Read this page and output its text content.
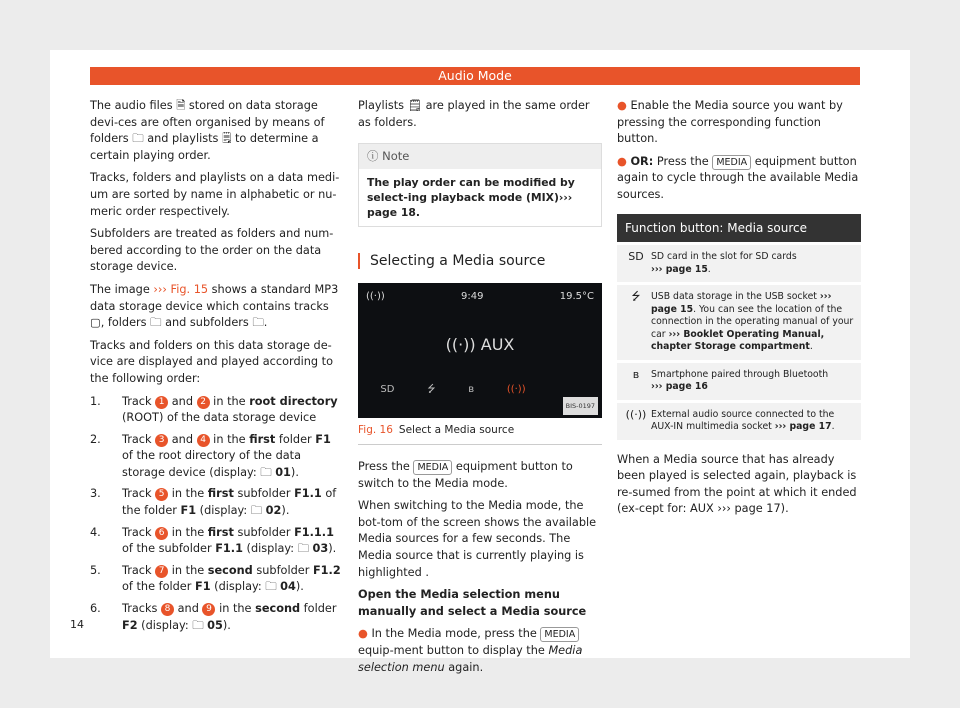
Audio Mode

The audio files 🗎 stored on data storage devi-ces are often organised by means of folders 🗀 and playlists 🗒 to determine a certain playing order.

Tracks, folders and playlists on a data medi-um are sorted by name in alphabetic or nu-meric order respectively.

Subfolders are treated as folders and num-bered according to the order on the data storage device.

The image ››› Fig. 15 shows a standard MP3 data storage device which contains tracks ▢, folders 🗀 and subfolders 🗀.

Tracks and folders on this data storage de-vice are displayed and played according to the following order:

1. Track 1 and 2 in the root directory (ROOT) of the data storage device
2. Track 3 and 4 in the first folder F1 of the root directory of the data storage device (display: 🗀 01).
3. Track 5 in the first subfolder F1.1 of the folder F1 (display: 🗀 02).
4. Track 6 in the first subfolder F1.1.1 of the subfolder F1.1 (display: 🗀 03).
5. Track 7 in the second subfolder F1.2 of the folder F1 (display: 🗀 04).
6. Tracks 8 and 9 in the second folder F2 (display: 🗀 05).

Playlists 🗒 are played in the same order as folders.

ⓘ Note
The play order can be modified by select-ing playback mode (MIX)››› page 18.
Selecting a Media source
((·))	9:49	19.5°C
((·)) AUX
SD	⭍	ʙ	((·))
BIS-0197
Fig. 16 Select a Media source

Press the MEDIA equipment button to switch to the Media mode.

When switching to the Media mode, the bot-tom of the screen shows the available Media sources for a few seconds. The Media source that is currently playing is highlighted .

Open the Media selection menu manually and select a Media source

● In the Media mode, press the MEDIA equip-ment button to display the Media selection menu again.

● Enable the Media source you want by pressing the corresponding function button.

● OR: Press the MEDIA equipment button again to cycle through the available Media sources.

Function button: Media source
SD SD card in the slot for SD cards
››› page 15.
⭍	USB data storage in the USB socket ››› page 15. You can see the location of the connection in the operating manual of your car ››› Booklet Operating Manual, chapter Storage compartment.
ʙ	Smartphone paired through Bluetooth
››› page 16
((·)) External audio source connected to the AUX-IN multimedia socket ››› page 17.

When a Media source that has already been played is selected again, playback is re-sumed from the point at which it ended (ex-cept for: AUX ››› page 17).

14
